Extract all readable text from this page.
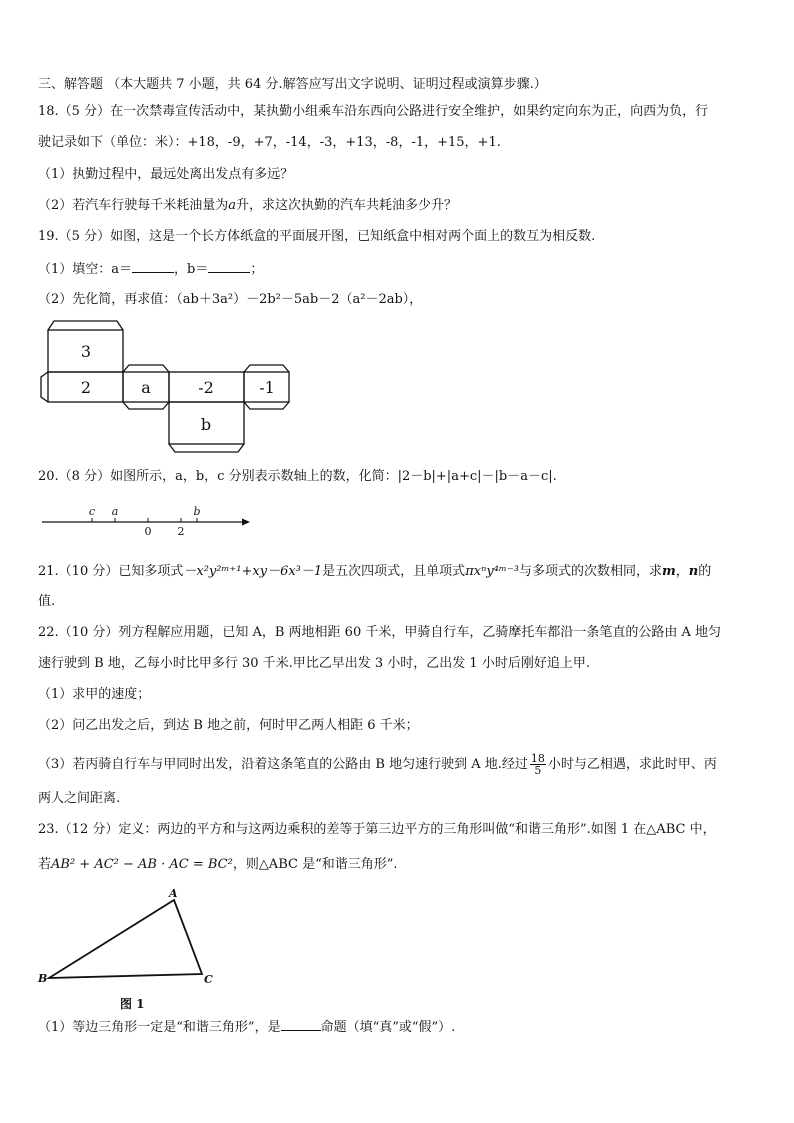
三、解答题 （本大题共 7 小题，共 64 分.解答应写出文字说明、证明过程或演算步骤.）
18.（5 分）在一次禁毒宣传活动中，某执勤小组乘车沿东西向公路进行安全维护，如果约定向东为正，向西为负，行
驶记录如下（单位：米）：+18，-9，+7，-14，-3，+13，-8，-1，+15，+1.
（1）执勤过程中，最远处离出发点有多远？
（2）若汽车行驶每千米耗油量为a升，求这次执勤的汽车共耗油多少升？
19.（5 分）如图，这是一个长方体纸盒的平面展开图，已知纸盒中相对两个面上的数互为相反数.
（1）填空：a＝	，b＝	；
（2）先化简，再求值：（ab＋3a²）－2b²－5ab－2（a²－2ab），
3
2	a	-2	-1
b
20.（8 分）如图所示，a，b，c 分别表示数轴上的数，化简：|2－b|+|a+c|－|b－a－c|.
c a
0 2
b
21.（10 分）已知多项式－x²y²ᵐ⁺¹+xy－6x³－1是五次四项式，且单项式πxⁿy⁴ᵐ⁻³与多项式的次数相同，求m，n的
值.
22.（10 分）列方程解应用题，已知 A，B 两地相距 60 千米，甲骑自行车，乙骑摩托车都沿一条笔直的公路由 A 地匀
速行驶到 B 地，乙每小时比甲多行 30 千米.甲比乙早出发 3 小时，乙出发 1 小时后刚好追上甲.
（1）求甲的速度；
（2）问乙出发之后，到达 B 地之前，何时甲乙两人相距 6 千米；
（3）若丙骑自行车与甲同时出发，沿着这条笔直的公路由 B 地匀速行驶到 A 地.经过 $\frac{18}{5}$ 小时与乙相遇，求此时甲、丙
两人之间距离.
23.（12 分）定义：两边的平方和与这两边乘积的差等于第三边平方的三角形叫做“和谐三角形”.如图 1 在△ABC 中，
若AB² + AC² − AB · AC = BC²，则△ABC 是“和谐三角形”.
A
B	C
图 1
（1）等边三角形一定是“和谐三角形”，是	命题（填“真”或“假”）.
